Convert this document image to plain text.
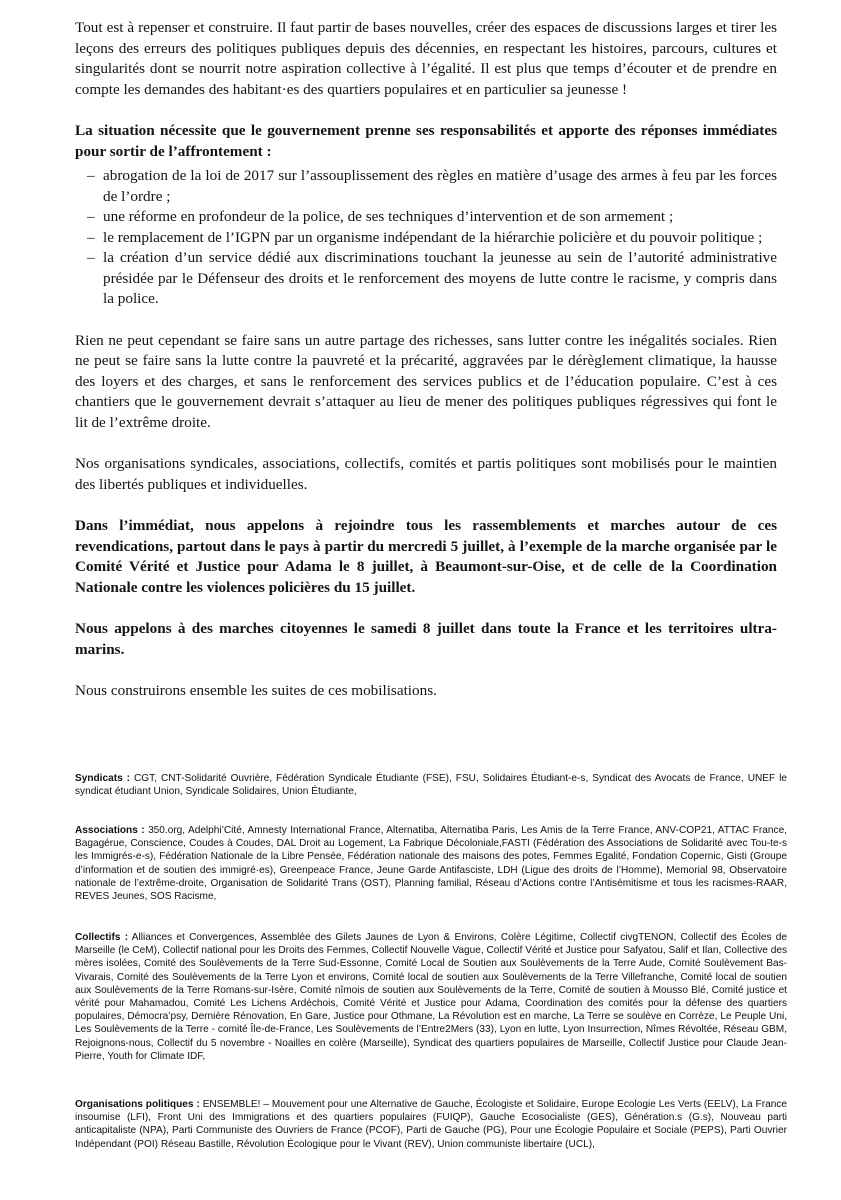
Tout est à repenser et construire. Il faut partir de bases nouvelles, créer des espaces de discussions larges et tirer les leçons des erreurs des politiques publiques depuis des décennies, en respectant les histoires, parcours, cultures et singularités dont se nourrit notre aspiration collective à l’égalité. Il est plus que temps d’écouter et de prendre en compte les demandes des habitant·es des quartiers populaires et en particulier sa jeunesse !

La situation nécessite que le gouvernement prenne ses responsabilités et apporte des réponses immédiates pour sortir de l’affrontement :

– abrogation de la loi de 2017 sur l’assouplissement des règles en matière d’usage des armes à feu par les forces de l’ordre ;
– une réforme en profondeur de la police, de ses techniques d’intervention et de son armement ;
– le remplacement de l’IGPN par un organisme indépendant de la hiérarchie policière et du pouvoir politique ;
– la création d’un service dédié aux discriminations touchant la jeunesse au sein de l’autorité administrative présidée par le Défenseur des droits et le renforcement des moyens de lutte contre le racisme, y compris dans la police.

Rien ne peut cependant se faire sans un autre partage des richesses, sans lutter contre les inégalités sociales. Rien ne peut se faire sans la lutte contre la pauvreté et la précarité, aggravées par le dérèglement climatique, la hausse des loyers et des charges, et sans le renforcement des services publics et de l’éducation populaire. C’est à ces chantiers que le gouvernement devrait s’attaquer au lieu de mener des politiques publiques régressives qui font le lit de l’extrême droite.

Nos organisations syndicales, associations, collectifs, comités et partis politiques sont mobilisés pour le maintien des libertés publiques et individuelles.

Dans l’immédiat, nous appelons à rejoindre tous les rassemblements et marches autour de ces revendications, partout dans le pays à partir du mercredi 5 juillet, à l’exemple de la marche organisée par le Comité Vérité et Justice pour Adama le 8 juillet, à Beaumont-sur-Oise, et de celle de la Coordination Nationale contre les violences policières du 15 juillet.

Nous appelons à des marches citoyennes le samedi 8 juillet dans toute la France et les territoires ultra-marins.

Nous construirons ensemble les suites de ces mobilisations.

Syndicats : CGT, CNT-Solidarité Ouvrière, Fédération Syndicale Étudiante (FSE), FSU, Solidaires Étudiant-e-s, Syndicat des Avocats de France, UNEF le syndicat étudiant Union, Syndicale Solidaires, Union Étudiante,
Associations : 350.org, Adelphi’Cité, Amnesty International France, Alternatiba, Alternatiba Paris, Les Amis de la Terre France, ANV-COP21, ATTAC France, Bagagérue, Conscience, Coudes à Coudes, DAL Droit au Logement, La Fabrique Décoloniale,FASTI (Fédération des Associations de Solidarité avec Tou-te-s les Immigrés-e-s), Fédération Nationale de la Libre Pensée, Fédération nationale des maisons des potes, Femmes Egalité, Fondation Copernic, Gisti (Groupe d’information et de soutien des immigré·es), Greenpeace France, Jeune Garde Antifasciste, LDH (Ligue des droits de l’Homme), Memorial 98, Observatoire nationale de l’extrême-droite, Organisation de Solidarité Trans (OST), Planning familial, Réseau d’Actions contre l’Antisémitisme et tous les racismes-RAAR, REVES Jeunes, SOS Racisme,
Collectifs : Alliances et Convergences, Assemblée des Gilets Jaunes de Lyon & Environs, Colère Légitime, Collectif civgTENON, Collectif des Écoles de Marseille (le CeM), Collectif national pour les Droits des Femmes, Collectif Nouvelle Vague, Collectif Vérité et Justice pour Safyatou, Salif et Ilan, Collective des mères isolées, Comité des Soulèvements de la Terre Sud-Essonne, Comité Local de Soutien aux Soulèvements de la Terre Aude, Comité Soulèvement Bas-Vivarais, Comité des Soulèvements de la Terre Lyon et environs, Comité local de soutien aux Soulèvements de la Terre Villefranche, Comité local de soutien aux Soulèvements de la Terre Romans-sur-Isère, Comité nîmois de soutien aux Soulèvements de la Terre, Comité de soutien à Mousso Blé, Comité justice et vérité pour Mahamadou, Comité Les Lichens Ardéchois, Comité Vérité et Justice pour Adama, Coordination des comités pour la défense des quartiers populaires, Démocra’psy, Dernière Rénovation, En Gare, Justice pour Othmane, La Révolution est en marche, La Terre se soulève en Corrèze, Le Peuple Uni, Les Soulèvements de la Terre - comité Île-de-France, Les Soulèvements de l’Entre2Mers (33), Lyon en lutte, Lyon Insurrection, Nîmes Révoltée, Réseau GBM, Rejoignons-nous, Collectif du 5 novembre - Noailles en colère (Marseille), Syndicat des quartiers populaires de Marseille, Collectif Justice pour Claude Jean-Pierre, Youth for Climate IDF,
Organisations politiques : ENSEMBLE! – Mouvement pour une Alternative de Gauche, Écologiste et Solidaire, Europe Ecologie Les Verts (EELV), La France insoumise (LFI), Front Uni des Immigrations et des quartiers populaires (FUIQP), Gauche Ecosocialiste (GES), Génération.s (G.s), Nouveau parti anticapitaliste (NPA), Parti Communiste des Ouvriers de France (PCOF), Parti de Gauche (PG), Pour une Écologie Populaire et Sociale (PEPS), Parti Ouvrier Indépendant (POI) Réseau Bastille, Révolution Écologique pour le Vivant (REV), Union communiste libertaire (UCL),
